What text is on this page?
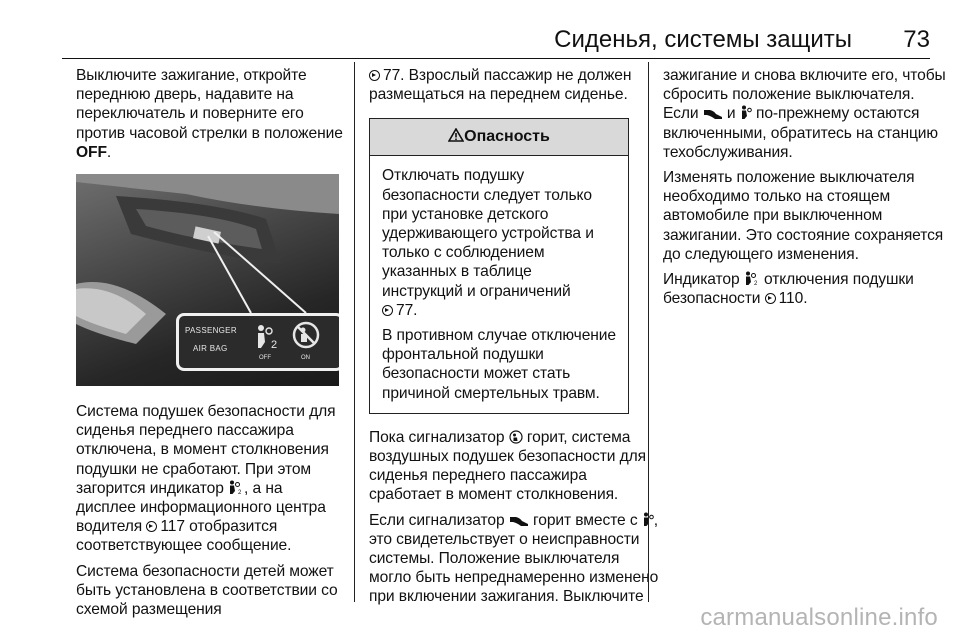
Сиденья, системы защиты 73

Выключите зажигание, откройте переднюю дверь, надавите на переключатель и поверните его против часовой стрелки в положение OFF.

PASSENGER
AIR BAG	2
OFF	ON

Система подушек безопасности для сиденья переднего пассажира отключена, в момент столкновения подушки не сработают. При этом загорится индикатор 2 , а на дисплее информационного центра водителя 117 отобразится соответствующее сообщение.

Система безопасности детей может быть установлена в соответствии со схемой размещения

77. Взрослый пассажир не должен размещаться на переднем сиденье.

Опасность

Отключать подушку безопасности следует только при установке детского удерживающего устройства и только с соблюдением указанных в таблице инструкций и ограничений
77.

В противном случае отключение фронтальной подушки безопасности может стать причиной смертельных травм.

Пока сигнализатор  горит, система воздушных подушек безопасности для сиденья переднего пассажира сработает в момент столкновения.

Если сигнализатор  горит вместе с , это свидетельствует о неисправности системы. Положение выключателя могло быть непреднамеренно изменено при включении зажигания. Выключите

зажигание и снова включите его, чтобы сбросить положение выключателя. Если  и  по-прежнему остаются включенными, обратитесь на станцию техобслуживания.

Изменять положение выключателя необходимо только на стоящем автомобиле при выключенном зажигании. Это состояние сохраняется до следующего изменения.

Индикатор 2 отключения подушки безопасности 110.

carmanualsonline.info
